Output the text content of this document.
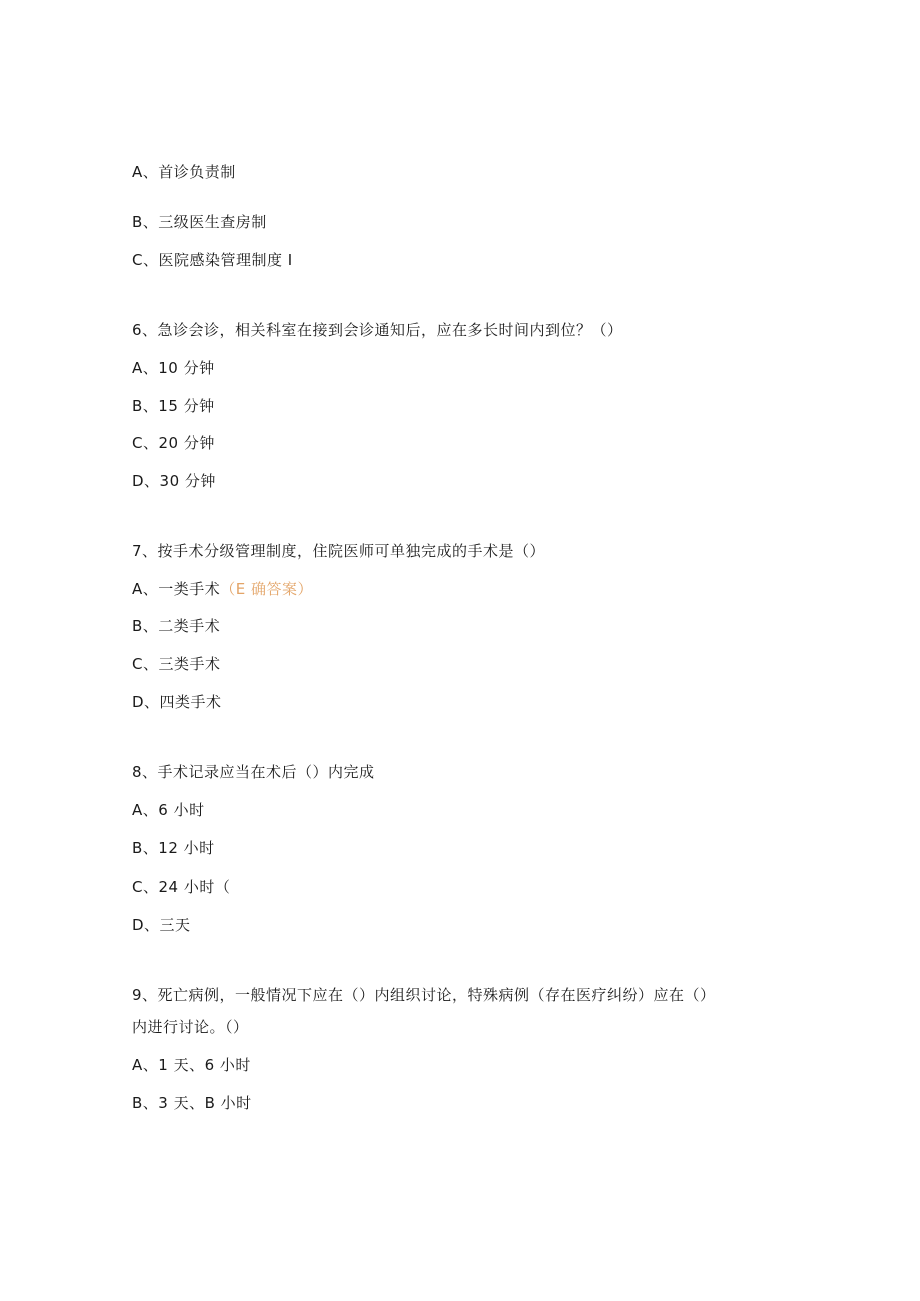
A、首诊负责制
B、三级医生查房制
C、医院感染管理制度 I
6、急诊会诊，相关科室在接到会诊通知后，应在多长时间内到位？（）
A、10 分钟
B、15 分钟
C、20 分钟
D、30 分钟
7、按手术分级管理制度，住院医师可单独完成的手术是（）
A、一类手术（E 确答案）
B、二类手术
C、三类手术
D、四类手术
8、手术记录应当在术后（）内完成
A、6 小时
B、12 小时
C、24 小时（
D、三天
9、死亡病例，一般情况下应在（）内组织讨论，特殊病例（存在医疗纠纷）应在（）
内进行讨论。（）
A、1 天、6 小时
B、3 天、B 小时
